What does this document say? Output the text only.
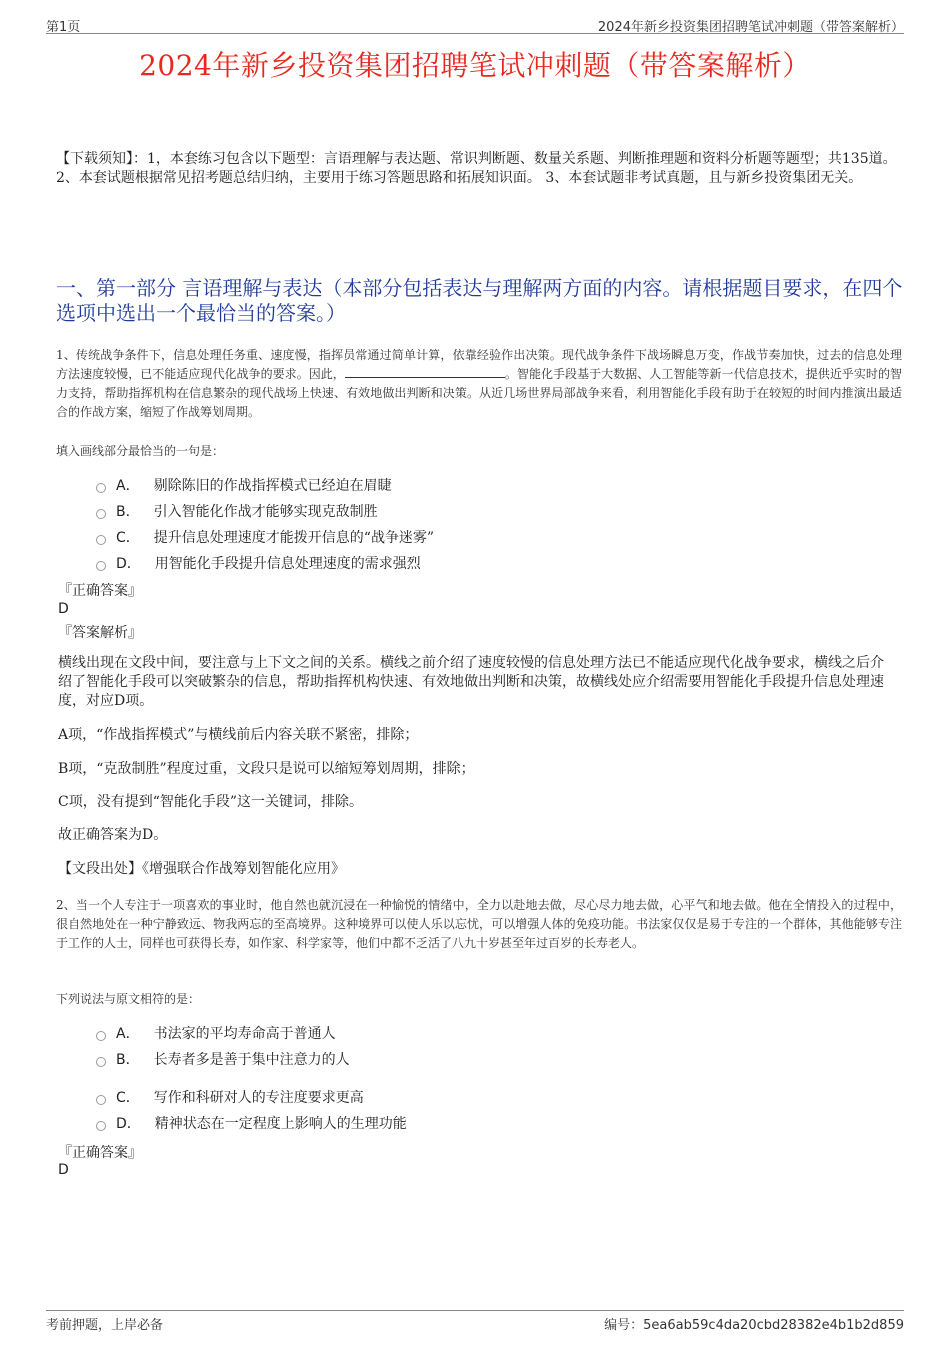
第1页	2024年新乡投资集团招聘笔试冲刺题（带答案解析）
2024年新乡投资集团招聘笔试冲刺题（带答案解析）
【下载须知】：1，本套练习包含以下题型：言语理解与表达题、常识判断题、数量关系题、判断推理题和资料分析题等题型；共135道。 2、本套试题根据常见招考题总结归纳，主要用于练习答题思路和拓展知识面。 3、本套试题非考试真题，且与新乡投资集团无关。
一、第一部分 言语理解与表达（本部分包括表达与理解两方面的内容。请根据题目要求，在四个选项中选出一个最恰当的答案。）
1、传统战争条件下，信息处理任务重、速度慢，指挥员常通过简单计算，依靠经验作出决策。现代战争条件下战场瞬息万变，作战节奏加快，过去的信息处理方法速度较慢，已不能适应现代化战争的要求。因此，	。智能化手段基于大数据、人工智能等新一代信息技术，提供近乎实时的智力支持，帮助指挥机构在信息繁杂的现代战场上快速、有效地做出判断和决策。从近几场世界局部战争来看，利用智能化手段有助于在较短的时间内推演出最适合的作战方案，缩短了作战筹划周期。
填入画线部分最恰当的一句是：
A． 剔除陈旧的作战指挥模式已经迫在眉睫
B． 引入智能化作战才能够实现克敌制胜
C． 提升信息处理速度才能拨开信息的“战争迷雾”
D． 用智能化手段提升信息处理速度的需求强烈
『正确答案』
D
『答案解析』
横线出现在文段中间，要注意与上下文之间的关系。横线之前介绍了速度较慢的信息处理方法已不能适应现代化战争要求，横线之后介绍了智能化手段可以突破繁杂的信息，帮助指挥机构快速、有效地做出判断和决策，故横线处应介绍需要用智能化手段提升信息处理速度，对应D项。
A项，“作战指挥模式”与横线前后内容关联不紧密，排除；
B项，“克敌制胜”程度过重，文段只是说可以缩短筹划周期，排除；
C项，没有提到“智能化手段”这一关键词，排除。
故正确答案为D。
【文段出处】《增强联合作战筹划智能化应用》
2、当一个人专注于一项喜欢的事业时，他自然也就沉浸在一种愉悦的情绪中，全力以赴地去做，尽心尽力地去做，心平气和地去做。他在全情投入的过程中，很自然地处在一种宁静致远、物我两忘的至高境界。这种境界可以使人乐以忘忧，可以增强人体的免疫功能。书法家仅仅是易于专注的一个群体，其他能够专注于工作的人士，同样也可获得长寿，如作家、科学家等，他们中都不乏活了八九十岁甚至年过百岁的长寿老人。
下列说法与原文相符的是：
A． 书法家的平均寿命高于普通人
B． 长寿者多是善于集中注意力的人
C． 写作和科研对人的专注度要求更高
D． 精神状态在一定程度上影响人的生理功能
『正确答案』
D
考前押题，上岸必备	编号：5ea6ab59c4da20cbd28382e4b1b2d859
